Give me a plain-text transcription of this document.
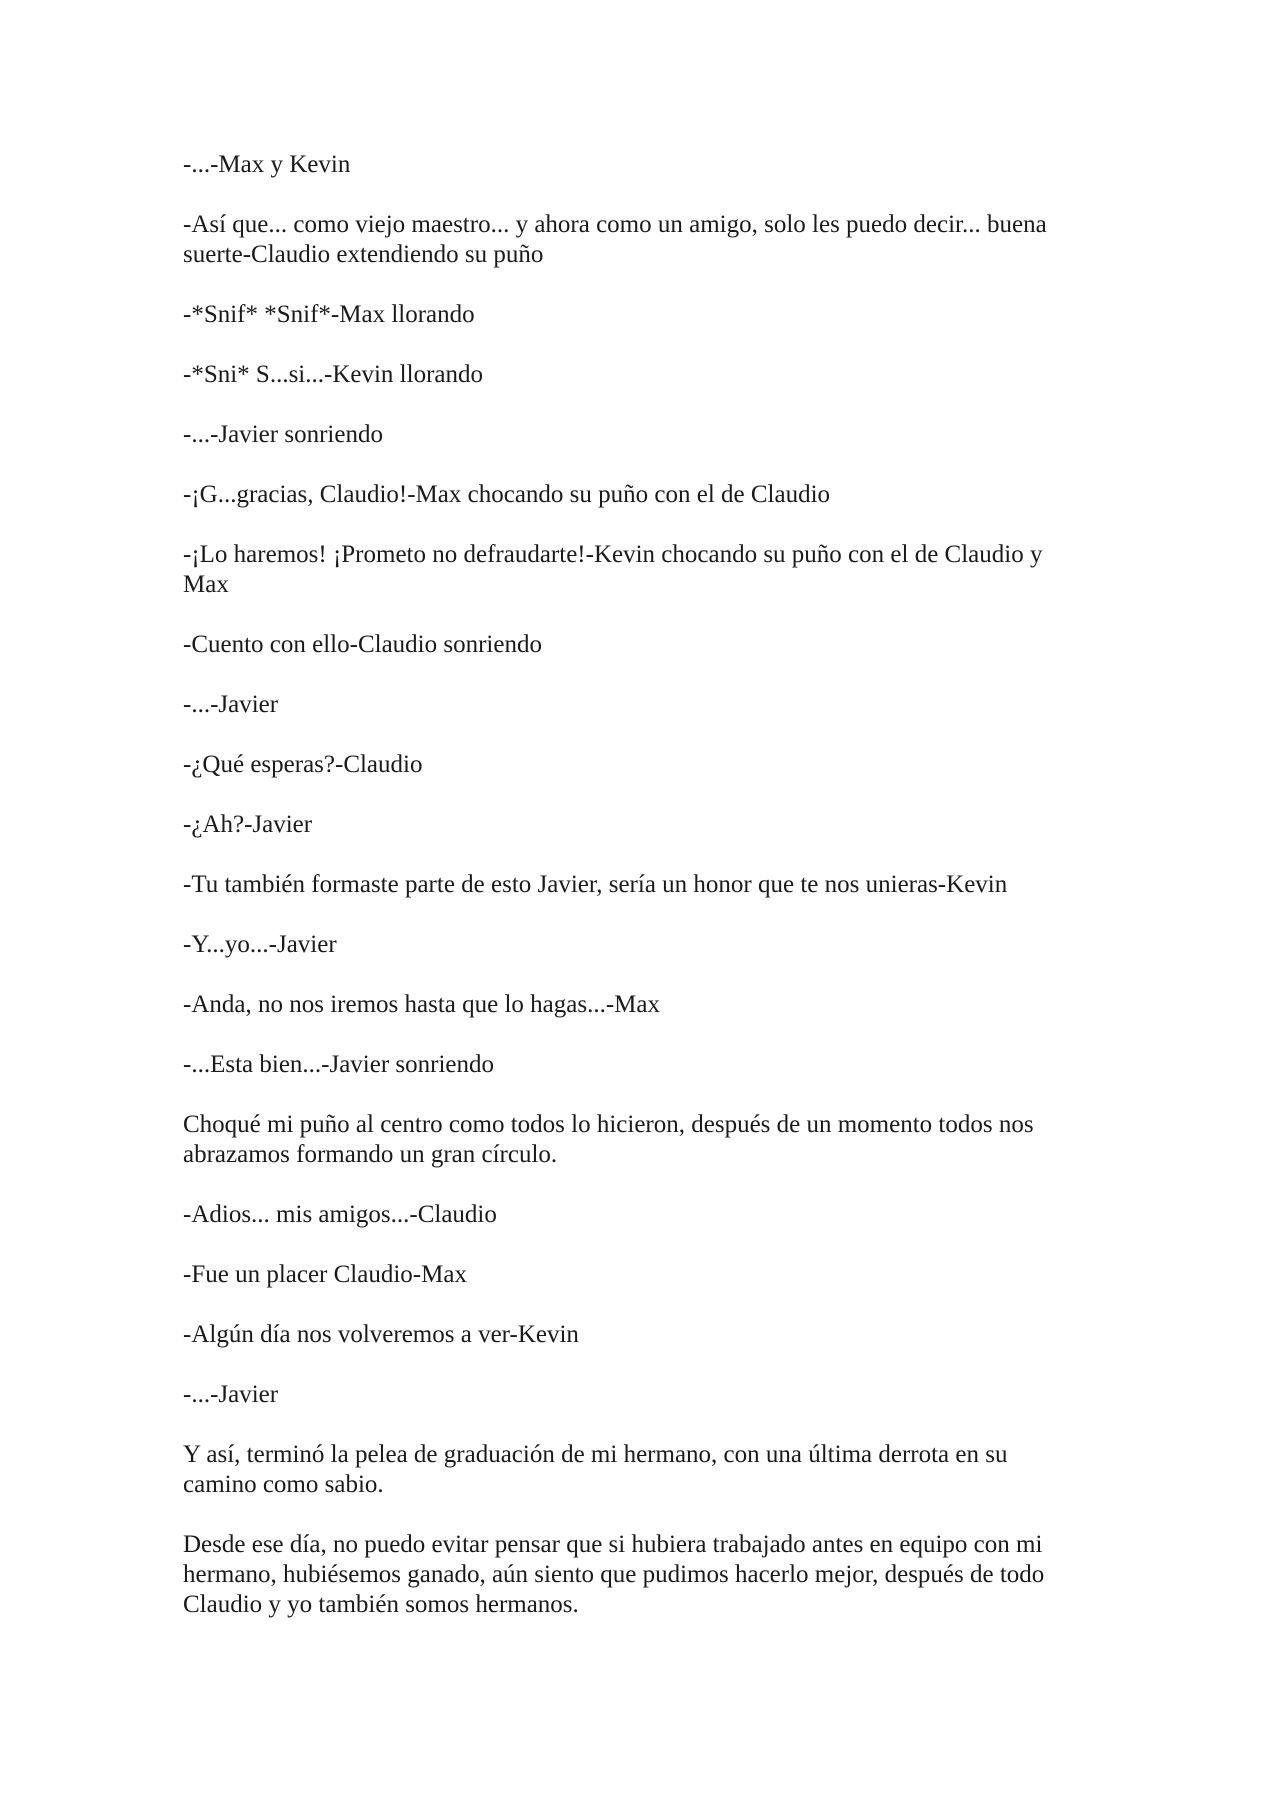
-...-Max y Kevin

-Así que... como viejo maestro... y ahora como un amigo, solo les puedo decir... buena suerte-Claudio extendiendo su puño

-*Snif* *Snif*-Max llorando

-*Sni* S...si...-Kevin llorando

-...-Javier sonriendo

-¡G...gracias, Claudio!-Max chocando su puño con el de Claudio

-¡Lo haremos! ¡Prometo no defraudarte!-Kevin chocando su puño con el de Claudio y Max

-Cuento con ello-Claudio sonriendo

-...-Javier

-¿Qué esperas?-Claudio

-¿Ah?-Javier

-Tu también formaste parte de esto Javier, sería un honor que te nos unieras-Kevin

-Y...yo...-Javier

-Anda, no nos iremos hasta que lo hagas...-Max

-...Esta bien...-Javier sonriendo

Choqué mi puño al centro como todos lo hicieron, después de un momento todos nos abrazamos formando un gran círculo.

-Adios... mis amigos...-Claudio

-Fue un placer Claudio-Max

-Algún día nos volveremos a ver-Kevin

-...-Javier

Y así, terminó la pelea de graduación de mi hermano, con una última derrota en su camino como sabio.

Desde ese día, no puedo evitar pensar que si hubiera trabajado antes en equipo con mi hermano, hubiésemos ganado, aún siento que pudimos hacerlo mejor, después de todo Claudio y yo también somos hermanos.
